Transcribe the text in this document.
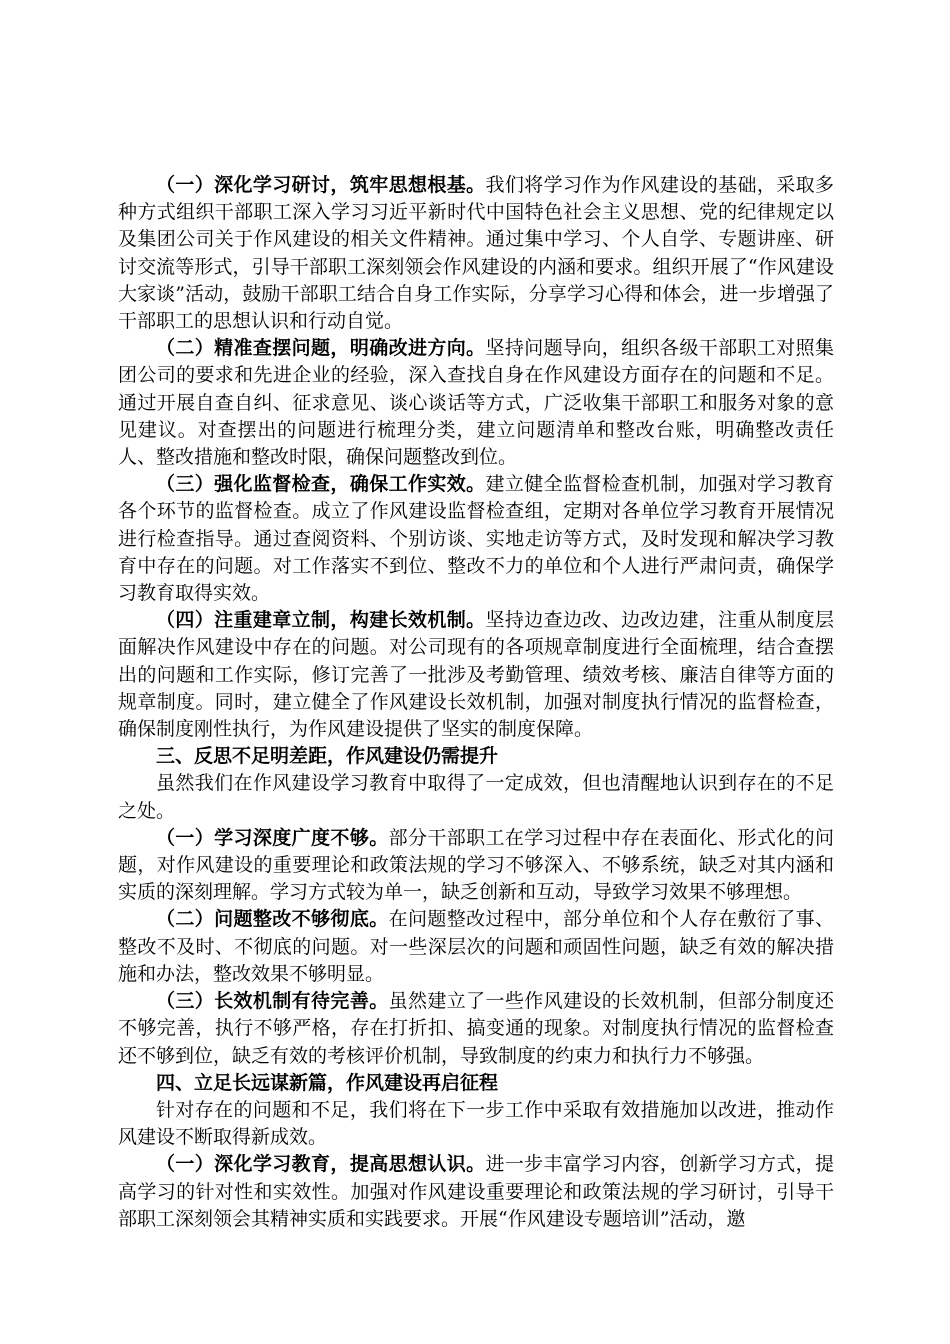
（一）深化学习研讨，筑牢思想根基。我们将学习作为作风建设的基础，采取多种方式组织干部职工深入学习习近平新时代中国特色社会主义思想、党的纪律规定以及集团公司关于作风建设的相关文件精神。通过集中学习、个人自学、专题讲座、研讨交流等形式，引导干部职工深刻领会作风建设的内涵和要求。组织开展了“作风建设大家谈”活动，鼓励干部职工结合自身工作实际，分享学习心得和体会，进一步增强了干部职工的思想认识和行动自觉。

（二）精准查摆问题，明确改进方向。坚持问题导向，组织各级干部职工对照集团公司的要求和先进企业的经验，深入查找自身在作风建设方面存在的问题和不足。通过开展自查自纠、征求意见、谈心谈话等方式，广泛收集干部职工和服务对象的意见建议。对查摆出的问题进行梳理分类，建立问题清单和整改台账，明确整改责任人、整改措施和整改时限，确保问题整改到位。

（三）强化监督检查，确保工作实效。建立健全监督检查机制，加强对学习教育各个环节的监督检查。成立了作风建设监督检查组，定期对各单位学习教育开展情况进行检查指导。通过查阅资料、个别访谈、实地走访等方式，及时发现和解决学习教育中存在的问题。对工作落实不到位、整改不力的单位和个人进行严肃问责，确保学习教育取得实效。

（四）注重建章立制，构建长效机制。坚持边查边改、边改边建，注重从制度层面解决作风建设中存在的问题。对公司现有的各项规章制度进行全面梳理，结合查摆出的问题和工作实际，修订完善了一批涉及考勤管理、绩效考核、廉洁自律等方面的规章制度。同时，建立健全了作风建设长效机制，加强对制度执行情况的监督检查，确保制度刚性执行，为作风建设提供了坚实的制度保障。

三、反思不足明差距，作风建设仍需提升

虽然我们在作风建设学习教育中取得了一定成效，但也清醒地认识到存在的不足之处。

（一）学习深度广度不够。部分干部职工在学习过程中存在表面化、形式化的问题，对作风建设的重要理论和政策法规的学习不够深入、不够系统，缺乏对其内涵和实质的深刻理解。学习方式较为单一，缺乏创新和互动，导致学习效果不够理想。

（二）问题整改不够彻底。在问题整改过程中，部分单位和个人存在敷衍了事、整改不及时、不彻底的问题。对一些深层次的问题和顽固性问题，缺乏有效的解决措施和办法，整改效果不够明显。

（三）长效机制有待完善。虽然建立了一些作风建设的长效机制，但部分制度还不够完善，执行不够严格，存在打折扣、搞变通的现象。对制度执行情况的监督检查还不够到位，缺乏有效的考核评价机制，导致制度的约束力和执行力不够强。

四、立足长远谋新篇，作风建设再启征程

针对存在的问题和不足，我们将在下一步工作中采取有效措施加以改进，推动作风建设不断取得新成效。

（一）深化学习教育，提高思想认识。进一步丰富学习内容，创新学习方式，提高学习的针对性和实效性。加强对作风建设重要理论和政策法规的学习研讨，引导干部职工深刻领会其精神实质和实践要求。开展“作风建设专题培训”活动，邀
